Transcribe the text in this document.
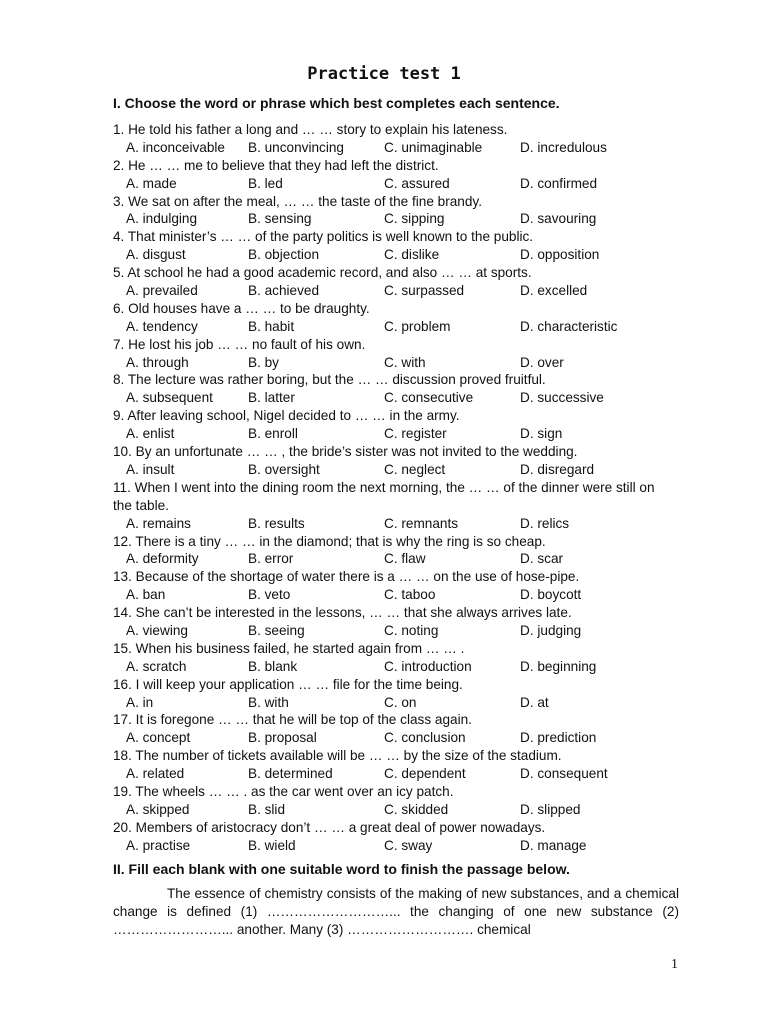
Practice test 1
I. Choose the word or phrase which best completes each sentence.
1. He told his father a long and … … story to explain his lateness.
A. inconceivable B. unconvincing	C. unimaginable	D. incredulous
2. He … … me to believe that they had left the district.
A. made	B. led	C. assured	D. confirmed
3. We sat on after the meal, … … the taste of the fine brandy.
A. indulging	B. sensing	C. sipping	D. savouring
4. That minister’s … … of the party politics is well known to the public.
A. disgust	B. objection	C. dislike	D. opposition
5. At school he had a good academic record, and also … … at sports.
A. prevailed	B. achieved	C. surpassed	D. excelled
6. Old houses have a … … to be draughty.
A. tendency	B. habit	C. problem	D. characteristic
7. He lost his job … … no fault of his own.
A. through	B. by	C. with	D. over
8. The lecture was rather boring, but the … … discussion proved fruitful.
A. subsequent	B. latter	C. consecutive	D. successive
9. After leaving school, Nigel decided to … … in the army.
A. enlist	B. enroll	C. register	D. sign
10. By an unfortunate … … , the bride’s sister was not invited to the wedding.
A. insult	B. oversight	C. neglect	D. disregard
11. When I went into the dining room the next morning, the … … of the dinner were still on the table.
A. remains	B. results	C. remnants	D. relics
12. There is a tiny … … in the diamond; that is why the ring is so cheap.
A. deformity	B. error	C. flaw	D. scar
13. Because of the shortage of water there is a … … on the use of hose-pipe.
A. ban	B. veto	C. taboo	D. boycott
14. She can’t be interested in the lessons, … … that she always arrives late.
A. viewing	B. seeing	C. noting	D. judging
15. When his business failed, he started again from … … .
A. scratch	B. blank	C. introduction	D. beginning
16. I will keep your application … … file for the time being.
A. in	B. with	C. on	D. at
17. It is foregone … … that he will be top of the class again.
A. concept	B. proposal	C. conclusion	D. prediction
18. The number of tickets available will be … … by the size of the stadium.
A. related	B. determined	C. dependent	D. consequent
19. The wheels … … . as the car went over an icy patch.
A. skipped	B. slid	C. skidded	D. slipped
20. Members of aristocracy don’t … … a great deal of power nowadays.
A. practise	B. wield	C. sway	D. manage
II. Fill each blank with one suitable word to finish the passage below.
The essence of chemistry consists of the making of new substances, and a chemical change is defined (1) ………………………... the changing of one new substance (2) ……………………... another. Many (3) ………………………. chemical
1
